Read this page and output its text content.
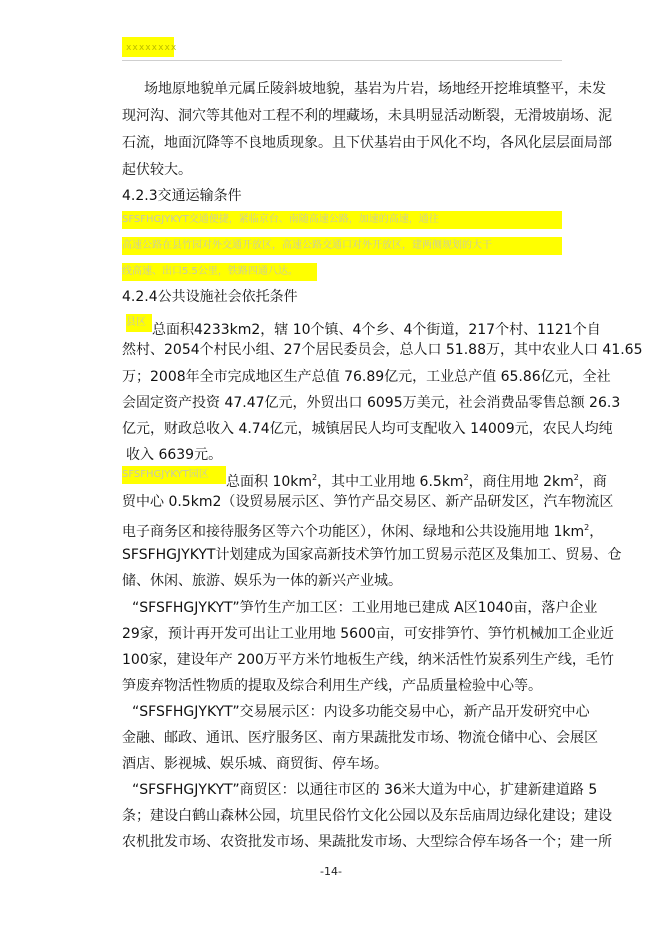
xxxxxxxx
场地原地貌单元属丘陵斜坡地貌，基岩为片岩，场地经开挖堆填整平，未发
现河沟、洞穴等其他对工程不利的埋藏场，未具明显活动断裂，无滑坡崩场、泥
石流，地面沉降等不良地质现象。且下伏基岩由于风化不均，各风化层层面局部
起伏较大。
4.2.3交通运输条件
SFSFHGJYKYT交通便捷，紧临京台、南随高速公路，加速的高速，通往
高速公路在县竹园对外交通开放区，高速公路交通口对外开放区，建两侧规划的大干
线高速、出口5.5公里，铁路四通八达。
4.2.4公共设施社会依托条件
县区 总面积4233km2，辖 10个镇、4个乡、4个街道，217个村、1121个自
然村、2054个村民小组、27个居民委员会，总人口 51.88万，其中农业人口 41.65
万；2008年全市完成地区生产总值 76.89亿元，工业总产值 65.86亿元，全社
会固定资产投资 47.47亿元，外贸出口 6095万美元，社会消费品零售总额 26.3
亿元，财政总收入 4.74亿元，城镇居民人均可支配收入 14009元，农民人均纯
收入 6639元。
SFSFHGJYKYT园区 总面积 $10km^2$，其中工业用地 $6.5km^2$，商住用地 $2km^2$，商
贸中心 0.5km2（设贸易展示区、笋竹产品交易区、新产品研发区，汽车物流区
电子商务区和接待服务区等六个功能区），休闲、绿地和公共设施用地 $1km^2$，
SFSFHGJYKYT计划建成为国家高新技术笋竹加工贸易示范区及集加工、贸易、仓
储、休闲、旅游、娱乐为一体的新兴产业城。
“SFSFHGJYKYT”笋竹生产加工区：工业用地已建成 A区1040亩，落户企业
29家，预计再开发可出让工业用地 5600亩，可安排笋竹、笋竹机械加工企业近
100家，建设年产 200万平方米竹地板生产线，纳米活性竹炭系列生产线，毛竹
笋废弃物活性物质的提取及综合利用生产线，产品质量检验中心等。
“SFSFHGJYKYT”交易展示区：内设多功能交易中心，新产品开发研究中心
金融、邮政、通讯、医疗服务区、南方果蔬批发市场、物流仓储中心、会展区
酒店、影视城、娱乐城、商贸街、停车场。
“SFSFHGJYKYT”商贸区：以通往市区的 36米大道为中心，扩建新建道路 5
条；建设白鹤山森林公园，坑里民俗竹文化公园以及东岳庙周边绿化建设；建设
农机批发市场、农资批发市场、果蔬批发市场、大型综合停车场各一个；建一所
-14-
